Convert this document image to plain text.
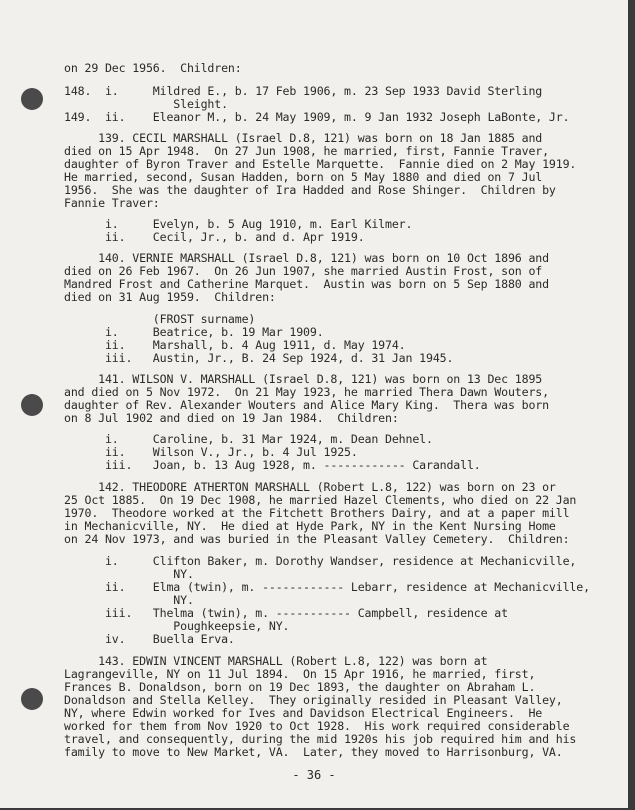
on 29 Dec 1956.  Children:
148.  i.     Mildred E., b. 17 Feb 1906, m. 23 Sep 1933 David Sterling
Sleight.
149.  ii.    Eleanor M., b. 24 May 1909, m. 9 Jan 1932 Joseph LaBonte, Jr.
139. CECIL MARSHALL (Israel D.8, 121) was born on 18 Jan 1885 and
died on 15 Apr 1948.  On 27 Jun 1908, he married, first, Fannie Traver,
daughter of Byron Traver and Estelle Marquette.  Fannie died on 2 May 1919.
He married, second, Susan Hadden, born on 5 May 1880 and died on 7 Jul
1956.  She was the daughter of Ira Hadded and Rose Shinger.  Children by
Fannie Traver:
i.     Evelyn, b. 5 Aug 1910, m. Earl Kilmer.
ii.    Cecil, Jr., b. and d. Apr 1919.
140. VERNIE MARSHALL (Israel D.8, 121) was born on 10 Oct 1896 and
died on 26 Feb 1967.  On 26 Jun 1907, she married Austin Frost, son of
Mandred Frost and Catherine Marquet.  Austin was born on 5 Sep 1880 and
died on 31 Aug 1959.  Children:
(FROST surname)
i.     Beatrice, b. 19 Mar 1909.
ii.    Marshall, b. 4 Aug 1911, d. May 1974.
iii.   Austin, Jr., B. 24 Sep 1924, d. 31 Jan 1945.
141. WILSON V. MARSHALL (Israel D.8, 121) was born on 13 Dec 1895
and died on 5 Nov 1972.  On 21 May 1923, he married Thera Dawn Wouters,
daughter of Rev. Alexander Wouters and Alice Mary King.  Thera was born
on 8 Jul 1902 and died on 19 Jan 1984.  Children:
i.     Caroline, b. 31 Mar 1924, m. Dean Dehnel.
ii.    Wilson V., Jr., b. 4 Jul 1925.
iii.   Joan, b. 13 Aug 1928, m. ------------ Carandall.
142. THEODORE ATHERTON MARSHALL (Robert L.8, 122) was born on 23 or
25 Oct 1885.  On 19 Dec 1908, he married Hazel Clements, who died on 22 Jan
1970.  Theodore worked at the Fitchett Brothers Dairy, and at a paper mill
in Mechanicville, NY.  He died at Hyde Park, NY in the Kent Nursing Home
on 24 Nov 1973, and was buried in the Pleasant Valley Cemetery.  Children:
i.     Clifton Baker, m. Dorothy Wandser, residence at Mechanicville,
NY.
ii.    Elma (twin), m. ------------ Lebarr, residence at Mechanicville,
NY.
iii.   Thelma (twin), m. ----------- Campbell, residence at
Poughkeepsie, NY.
iv.    Buella Erva.
143. EDWIN VINCENT MARSHALL (Robert L.8, 122) was born at
Lagrangeville, NY on 11 Jul 1894.  On 15 Apr 1916, he married, first,
Frances B. Donaldson, born on 19 Dec 1893, the daughter on Abraham L.
Donaldson and Stella Kelley.  They originally resided in Pleasant Valley,
NY, where Edwin worked for Ives and Davidson Electrical Engineers.  He
worked for them from Nov 1920 to Oct 1928.  His work required considerable
travel, and consequently, during the mid 1920s his job required him and his
family to move to New Market, VA.  Later, they moved to Harrisonburg, VA.
- 36 -
